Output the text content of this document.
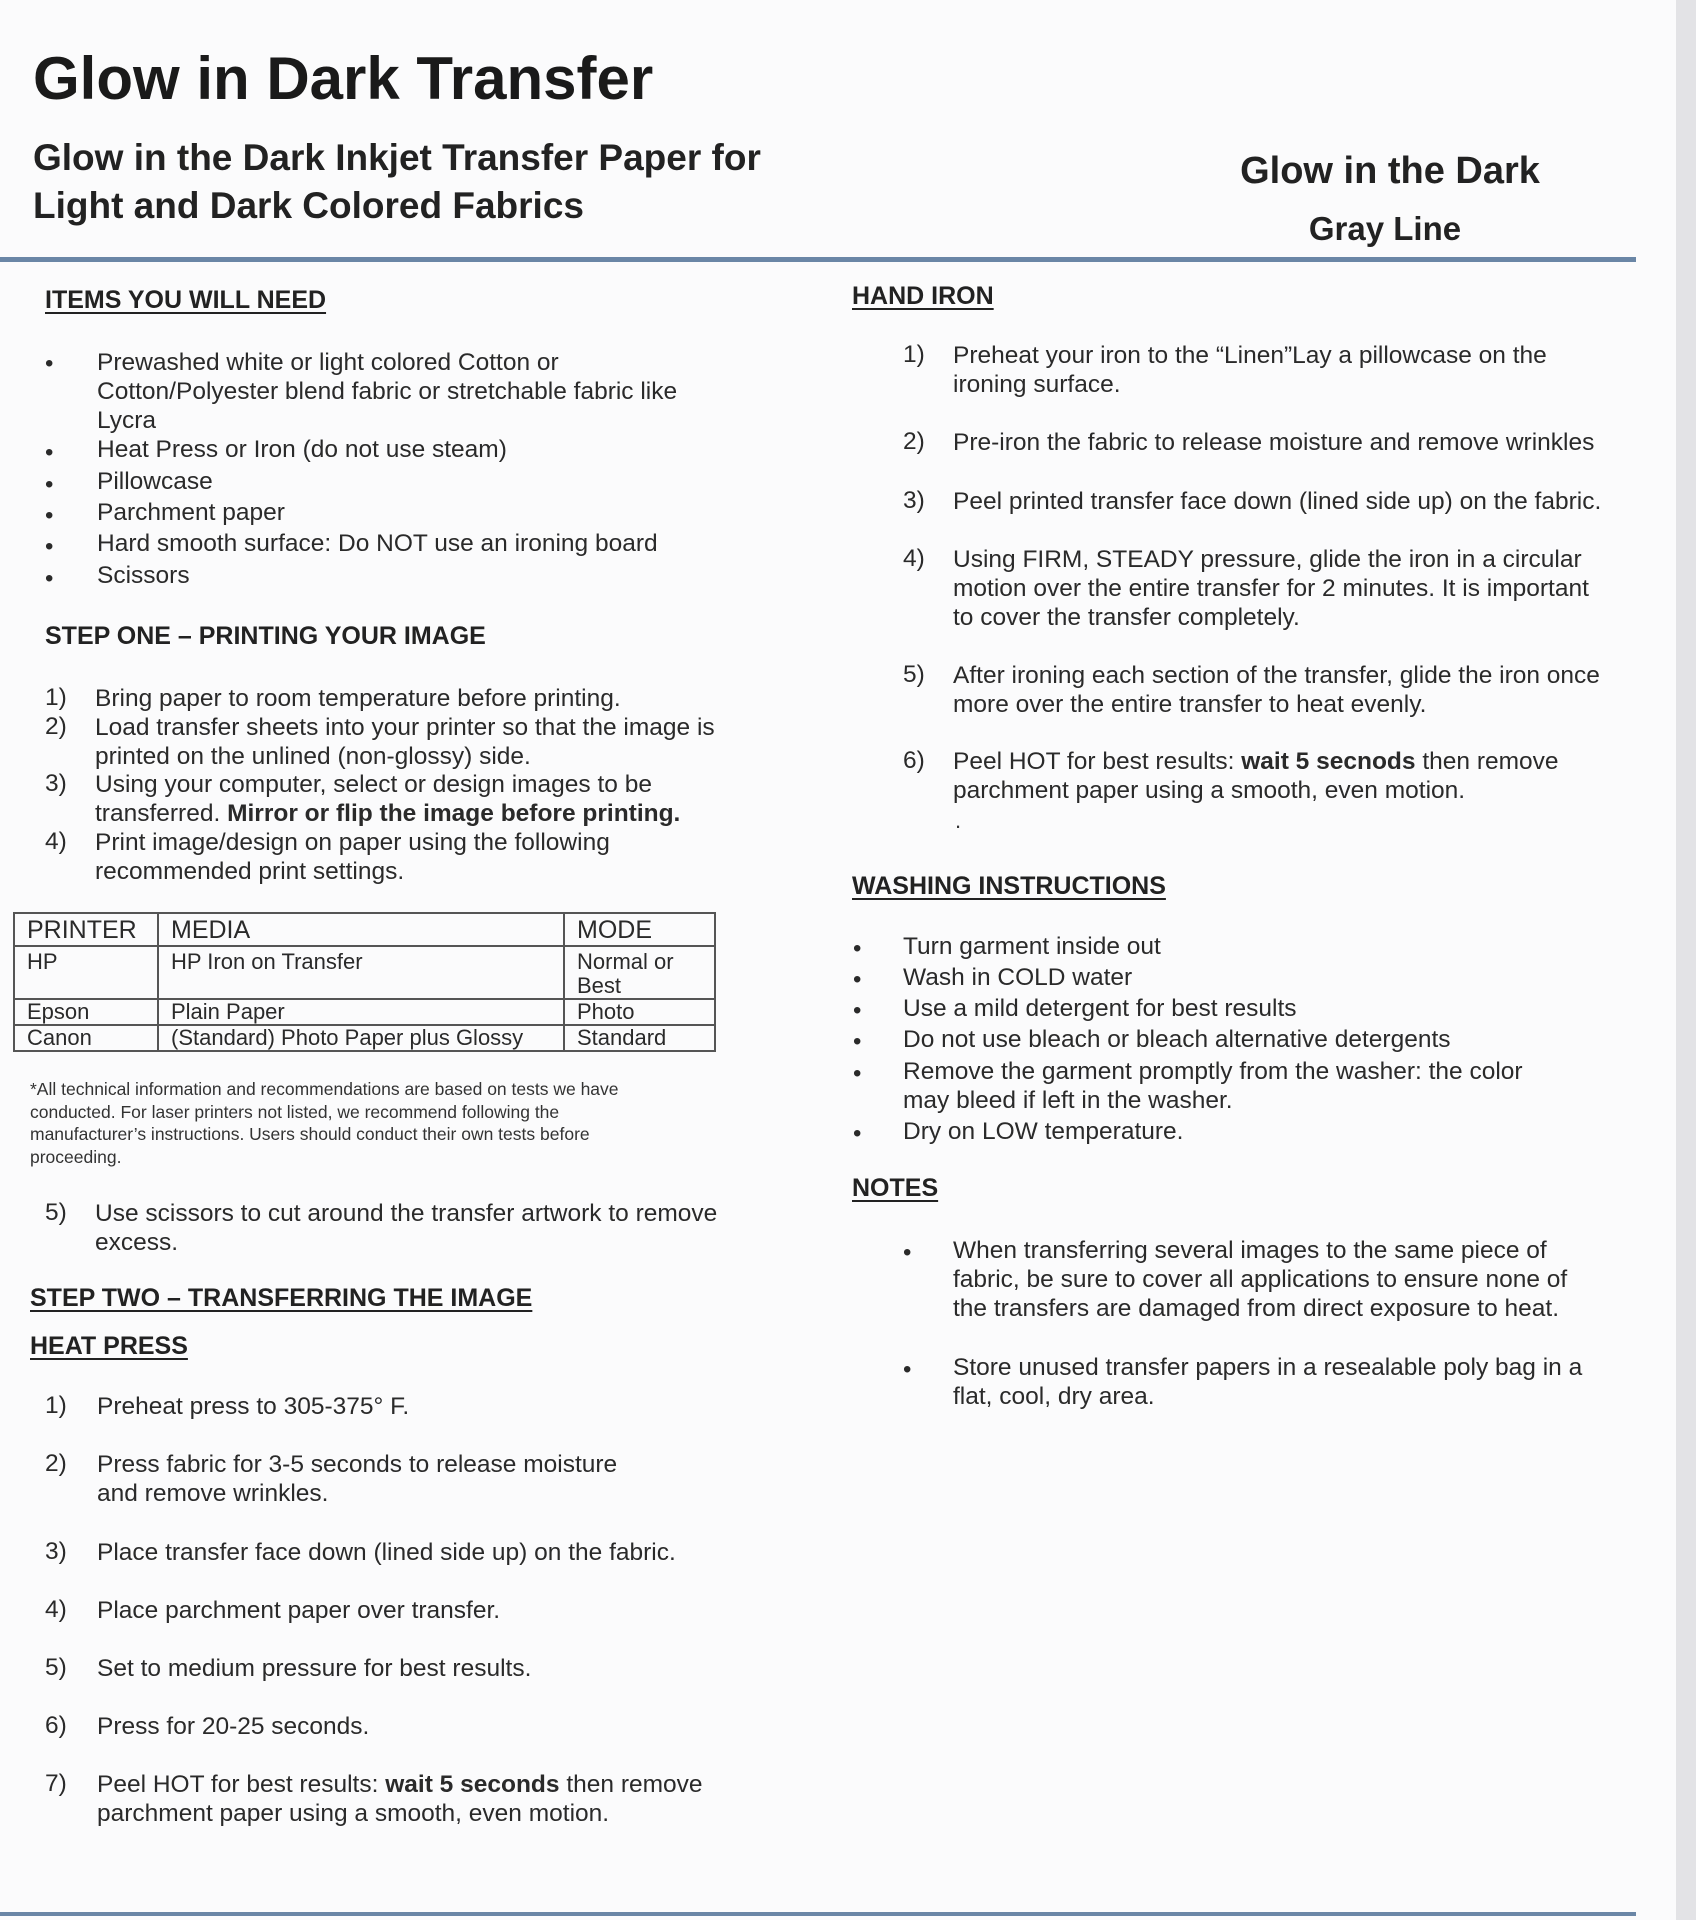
Glow in Dark Transfer
Glow in the Dark Inkjet Transfer Paper for
Light and Dark Colored Fabrics
Glow in the Dark
Gray Line
ITEMS YOU WILL NEED
• Prewashed white or light colored Cotton or
Cotton/Polyester blend fabric or stretchable fabric like
Lycra
• Heat Press or Iron (do not use steam)
• Pillowcase
• Parchment paper
• Hard smooth surface: Do NOT use an ironing board
• Scissors
STEP ONE – PRINTING YOUR IMAGE
1) Bring paper to room temperature before printing.
2) Load transfer sheets into your printer so that the image is
printed on the unlined (non-glossy) side.
3) Using your computer, select or design images to be
transferred. Mirror or flip the image before printing.
4) Print image/design on paper using the following
recommended print settings.
PRINTER	MEDIA	MODE
HP	HP Iron on Transfer	Normal or
Best

Epson	Plain Paper	Photo
Canon	(Standard) Photo Paper plus Glossy	Standard
*All technical information and recommendations are based on tests we have
conducted. For laser printers not listed, we recommend following the
manufacturer’s instructions. Users should conduct their own tests before
proceeding.
5) Use scissors to cut around the transfer artwork to remove
excess.
STEP TWO – TRANSFERRING THE IMAGE
HEAT PRESS
1) Preheat press to 305-375° F.
2) Press fabric for 3-5 seconds to release moisture
and remove wrinkles.
3) Place transfer face down (lined side up) on the fabric.
4) Place parchment paper over transfer.
5) Set to medium pressure for best results.
6) Press for 20-25 seconds.
7) Peel HOT for best results: wait 5 seconds then remove
parchment paper using a smooth, even motion.
HAND IRON
1) Preheat your iron to the “Linen”Lay a pillowcase on the
ironing surface.
2) Pre-iron the fabric to release moisture and remove wrinkles
3) Peel printed transfer face down (lined side up) on the fabric.
4) Using FIRM, STEADY pressure, glide the iron in a circular
motion over the entire transfer for 2 minutes. It is important
to cover the transfer completely.
5) After ironing each section of the transfer, glide the iron once
more over the entire transfer to heat evenly.
6) Peel HOT for best results: wait 5 secnods then remove
parchment paper using a smooth, even motion.
.
WASHING INSTRUCTIONS
• Turn garment inside out
• Wash in COLD water
• Use a mild detergent for best results
• Do not use bleach or bleach alternative detergents
• Remove the garment promptly from the washer: the color
may bleed if left in the washer.
• Dry on LOW temperature.
NOTES
• When transferring several images to the same piece of
fabric, be sure to cover all applications to ensure none of
the transfers are damaged from direct exposure to heat.
• Store unused transfer papers in a resealable poly bag in a
flat, cool, dry area.
